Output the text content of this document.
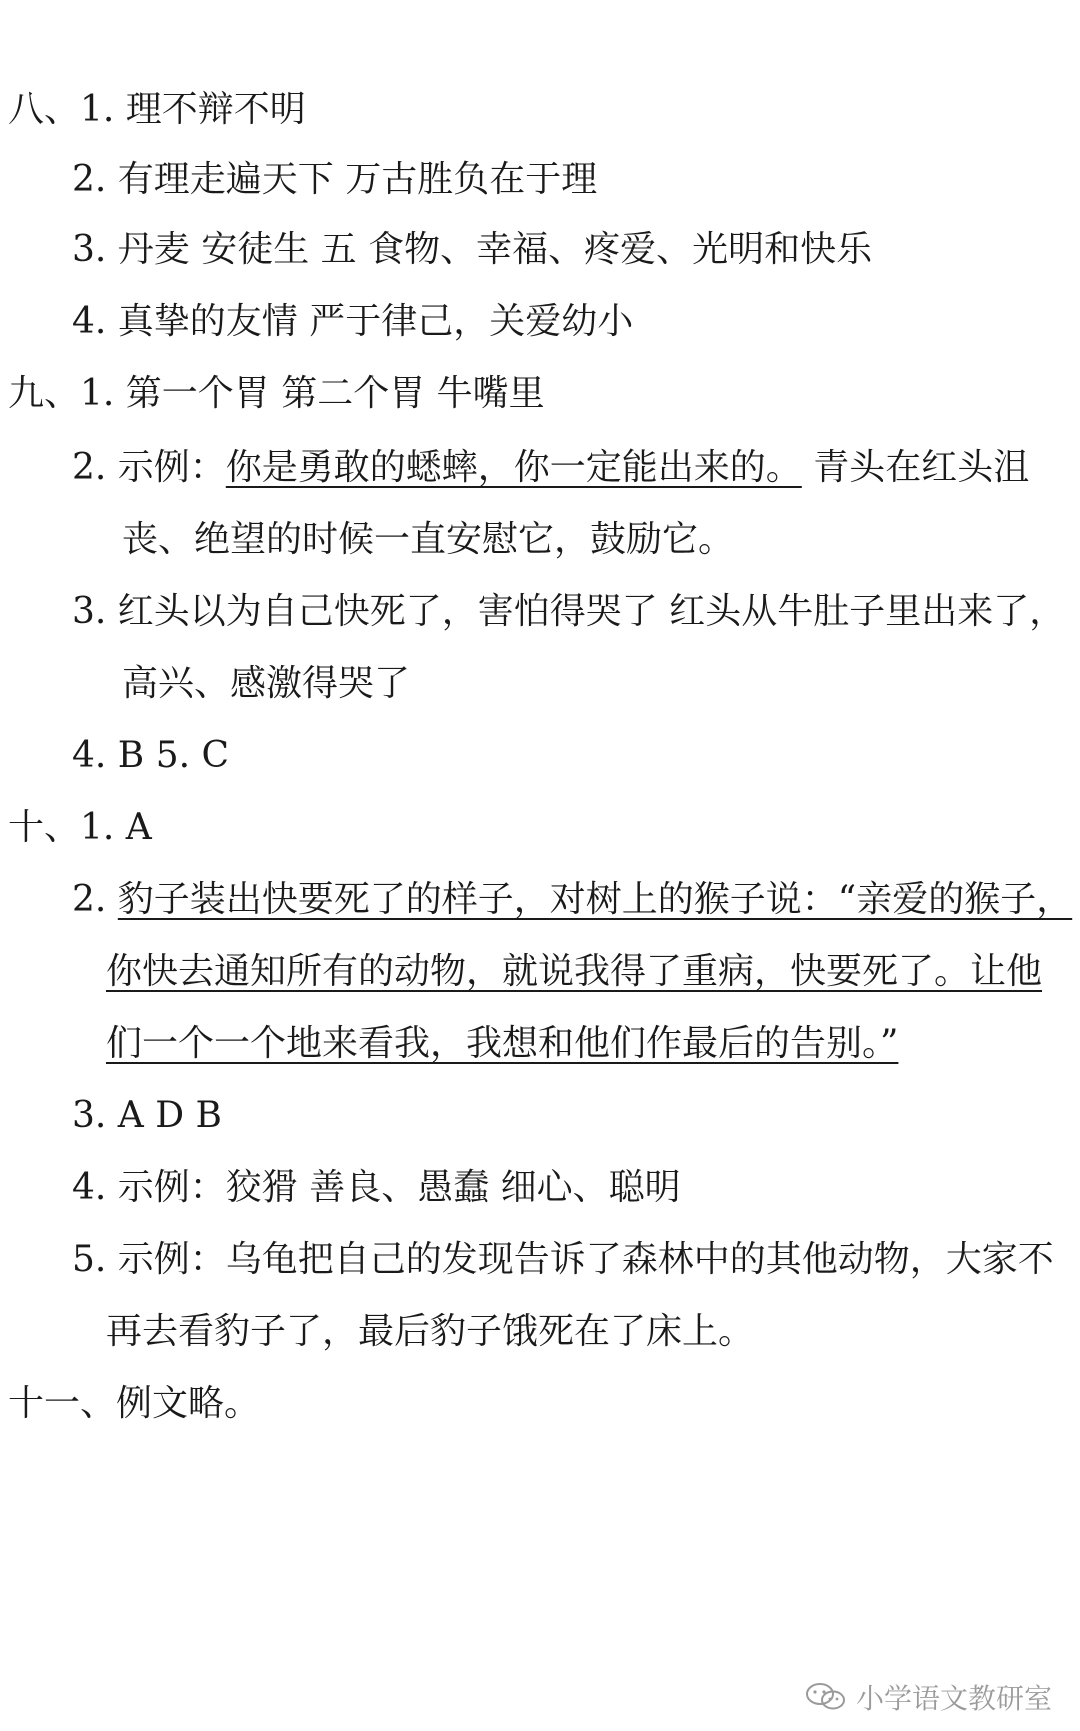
八、1. 理不辩不明
2. 有理走遍天下 万古胜负在于理
3. 丹麦 安徒生 五 食物、幸福、疼爱、光明和快乐
4. 真挚的友情 严于律己，关爱幼小
九、1. 第一个胃 第二个胃 牛嘴里
2. 示例：你是勇敢的蟋蟀，你一定能出来的。 青头在红头沮
丧、绝望的时候一直安慰它，鼓励它。
3. 红头以为自己快死了，害怕得哭了 红头从牛肚子里出来了，
高兴、感激得哭了
4. B 5. C
十、1. A
2. 豹子装出快要死了的样子，对树上的猴子说：“亲爱的猴子，
你快去通知所有的动物，就说我得了重病，快要死了。让他
们一个一个地来看我，我想和他们作最后的告别。”
3. A D B
4. 示例：狡猾 善良、愚蠢 细心、聪明
5. 示例：乌龟把自己的发现告诉了森林中的其他动物，大家不
再去看豹子了，最后豹子饿死在了床上。
十一、例文略。
小学语文教研室
